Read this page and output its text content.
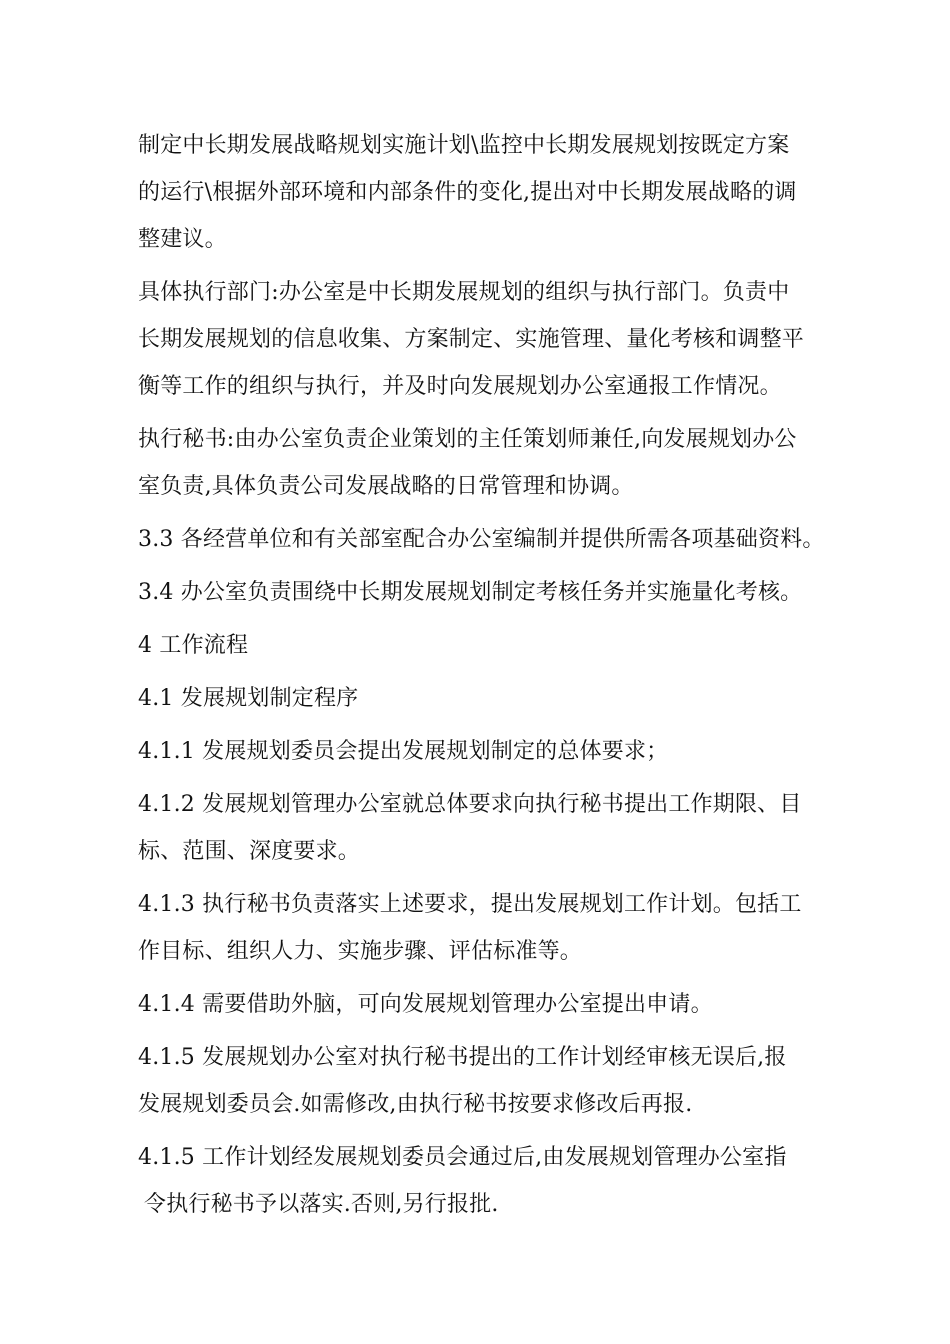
制定中长期发展战略规划实施计划\监控中长期发展规划按既定方案
的运行\根据外部环境和内部条件的变化,提出对中长期发展战略的调
整建议。

具体执行部门:办公室是中长期发展规划的组织与执行部门。负责中
长期发展规划的信息收集、方案制定、实施管理、量化考核和调整平
衡等工作的组织与执行，并及时向发展规划办公室通报工作情况。

执行秘书:由办公室负责企业策划的主任策划师兼任,向发展规划办公
室负责,具体负责公司发展战略的日常管理和协调。

3.3 各经营单位和有关部室配合办公室编制并提供所需各项基础资料。

3.4 办公室负责围绕中长期发展规划制定考核任务并实施量化考核。

4 工作流程

4.1 发展规划制定程序

4.1.1 发展规划委员会提出发展规划制定的总体要求；

4.1.2 发展规划管理办公室就总体要求向执行秘书提出工作期限、目
标、范围、深度要求。

4.1.3 执行秘书负责落实上述要求，提出发展规划工作计划。包括工
作目标、组织人力、实施步骤、评估标准等。

4.1.4 需要借助外脑，可向发展规划管理办公室提出申请。

4.1.5 发展规划办公室对执行秘书提出的工作计划经审核无误后,报
发展规划委员会.如需修改,由执行秘书按要求修改后再报.

4.1.5 工作计划经发展规划委员会通过后,由发展规划管理办公室指
令执行秘书予以落实.否则,另行报批.
